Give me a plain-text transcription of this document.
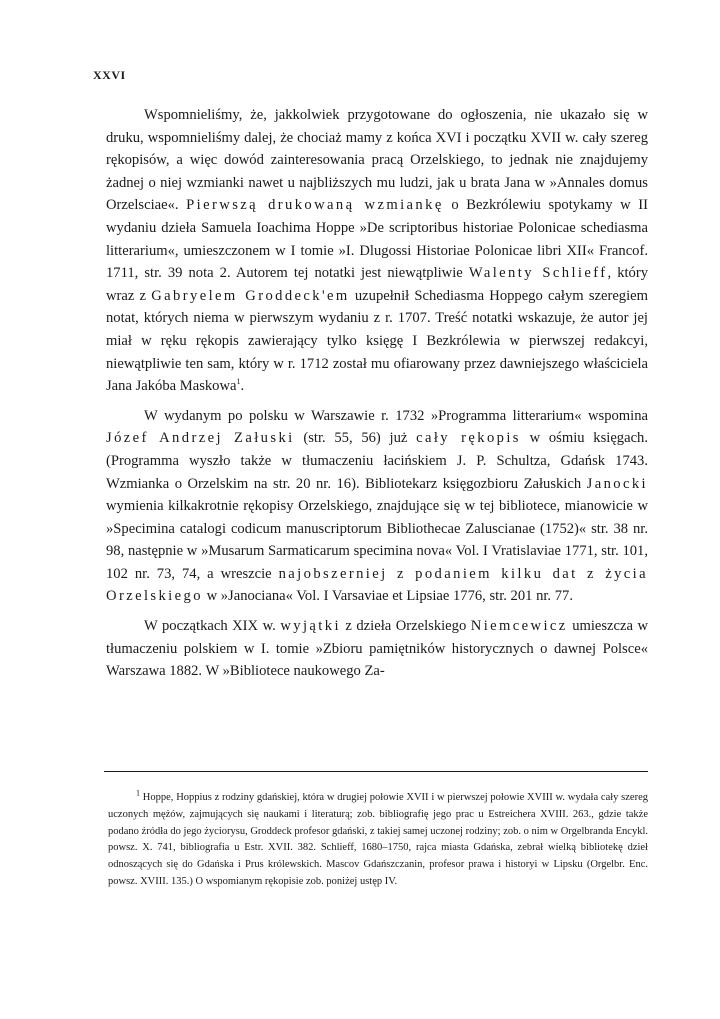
XXVI

Wspomnieliśmy, że, jakkolwiek przygotowane do ogłoszenia, nie ukazało się w druku, wspomnieliśmy dalej, że chociaż mamy z końca XVI i początku XVII w. cały szereg rękopisów, a więc dowód zainteresowania pracą Orzelskiego, to jednak nie znajdujemy żadnej o niej wzmianki nawet u najbliższych mu ludzi, jak u brata Jana w »Annales domus Orzelsciae«. Pierwszą drukowaną wzmiankę o Bezkrólewiu spotykamy w II wydaniu dzieła Samuela Ioachima Hoppe »De scriptoribus historiae Polonicae schediasma litterarium«, umieszczonem w I tomie »I. Dlugossi Historiae Polonicae libri XII« Francof. 1711, str. 39 nota 2. Autorem tej notatki jest niewątpliwie Walenty Schlieff, który wraz z Gabryelem Groddeck'em uzupełnił Schediasma Hoppego całym szeregiem notat, których niema w pierwszym wydaniu z r. 1707. Treść notatki wskazuje, że autor jej miał w ręku rękopis zawierający tylko księgę I Bezkrólewia w pierwszej redakcyi, niewątpliwie ten sam, który w r. 1712 został mu ofiarowany przez dawniejszego właściciela Jana Jakóba Maskowa$^1$.

W wydanym po polsku w Warszawie r. 1732 »Programma litterarium« wspomina Józef Andrzej Załuski (str. 55, 56) już cały rękopis w ośmiu księgach. (Programma wyszło także w tłumaczeniu łacińskiem J. P. Schultza, Gdańsk 1743. Wzmianka o Orzelskim na str. 20 nr. 16). Bibliotekarz księgozbioru Załuskich Janocki wymienia kilkakrotnie rękopisy Orzelskiego, znajdujące się w tej bibliotece, mianowicie w »Specimina catalogi codicum manuscriptorum Bibliothecae Zaluscianae (1752)« str. 38 nr. 98, następnie w »Musarum Sarmaticarum specimina nova« Vol. I Vratislaviae 1771, str. 101, 102 nr. 73, 74, a wreszcie najobszerniej z podaniem kilku dat z życia Orzelskiego w »Janociana« Vol. I Varsaviae et Lipsiae 1776, str. 201 nr. 77.

W początkach XIX w. wyjątki z dzieła Orzelskiego Niemcewicz umieszcza w tłumaczeniu polskiem w I. tomie »Zbioru pamiętników historycznych o dawnej Polsce« Warszawa 1882. W »Bibliotece naukowego Za-

$^1$ Hoppe, Hoppius z rodziny gdańskiej, która w drugiej połowie XVII i w pierwszej połowie XVIII w. wydała cały szereg uczonych mężów, zajmujących się naukami i literaturą; zob. bibliografię jego prac u Estreichera XVIII. 263., gdzie także podano źródła do jego życiorysu, Groddeck profesor gdański, z takiej samej uczonej rodziny; zob. o nim w Orgelbranda Encykl. powsz. X. 741, bibliografia u Estr. XVII. 382. Schlieff, 1680–1750, rajca miasta Gdańska, zebrał wielką bibliotekę dzieł odnoszących się do Gdańska i Prus królewskich. Mascov Gdańszczanin, profesor prawa i historyi w Lipsku (Orgelbr. Enc. powsz. XVIII. 135.) O wspomianym rękopisie zob. poniżej ustęp IV.
